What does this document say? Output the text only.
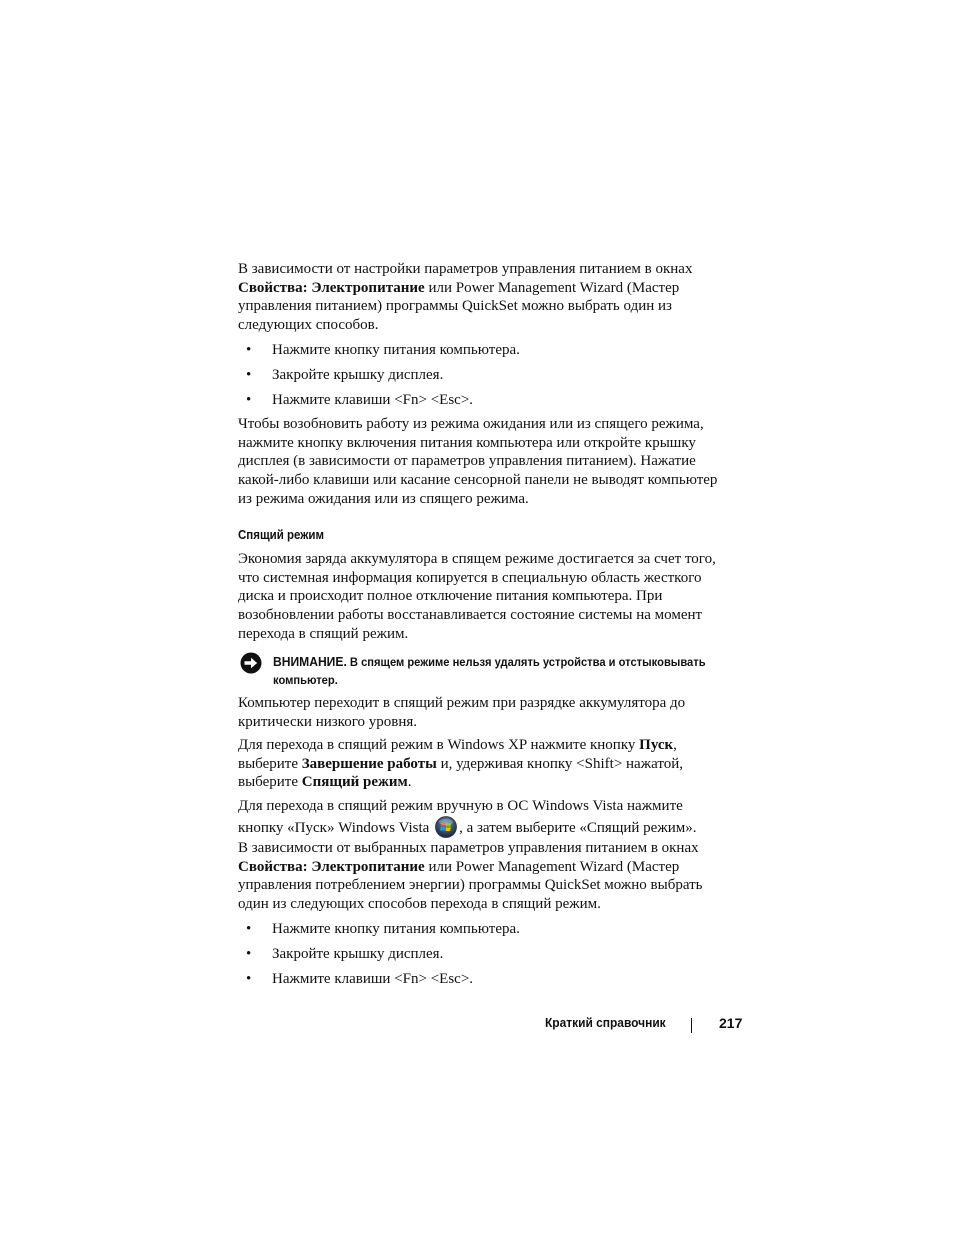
В зависимости от настройки параметров управления питанием в окнах
Свойства: Электропитание или Power Management Wizard (Мастер
управления питанием) программы QuickSet можно выбрать один из
следующих способов.
• Нажмите кнопку питания компьютера.
• Закройте крышку дисплея.
• Нажмите клавиши <Fn> <Esc>.
Чтобы возобновить работу из режима ожидания или из спящего режима,
нажмите кнопку включения питания компьютера или откройте крышку
дисплея (в зависимости от параметров управления питанием). Нажатие
какой-либо клавиши или касание сенсорной панели не выводят компьютер
из режима ожидания или из спящего режима.
Спящий режим
Экономия заряда аккумулятора в спящем режиме достигается за счет того,
что системная информация копируется в специальную область жесткого
диска и происходит полное отключение питания компьютера. При
возобновлении работы восстанавливается состояние системы на момент
перехода в спящий режим.
ВНИМАНИЕ. В спящем режиме нельзя удалять устройства и отстыковывать
компьютер.
Компьютер переходит в спящий режим при разрядке аккумулятора до
критически низкого уровня.
Для перехода в спящий режим в Windows XP нажмите кнопку Пуск,
выберите Завершение работы и, удерживая кнопку <Shift> нажатой,
выберите Спящий режим.
Для перехода в спящий режим вручную в ОС Windows Vista нажмите
кнопку «Пуск» Windows Vista , а затем выберите «Спящий режим».
В зависимости от выбранных параметров управления питанием в окнах
Свойства: Электропитание или Power Management Wizard (Мастер
управления потреблением энергии) программы QuickSet можно выбрать
один из следующих способов перехода в спящий режим.
• Нажмите кнопку питания компьютера.
• Закройте крышку дисплея.
• Нажмите клавиши <Fn> <Esc>.
Краткий справочник	217
